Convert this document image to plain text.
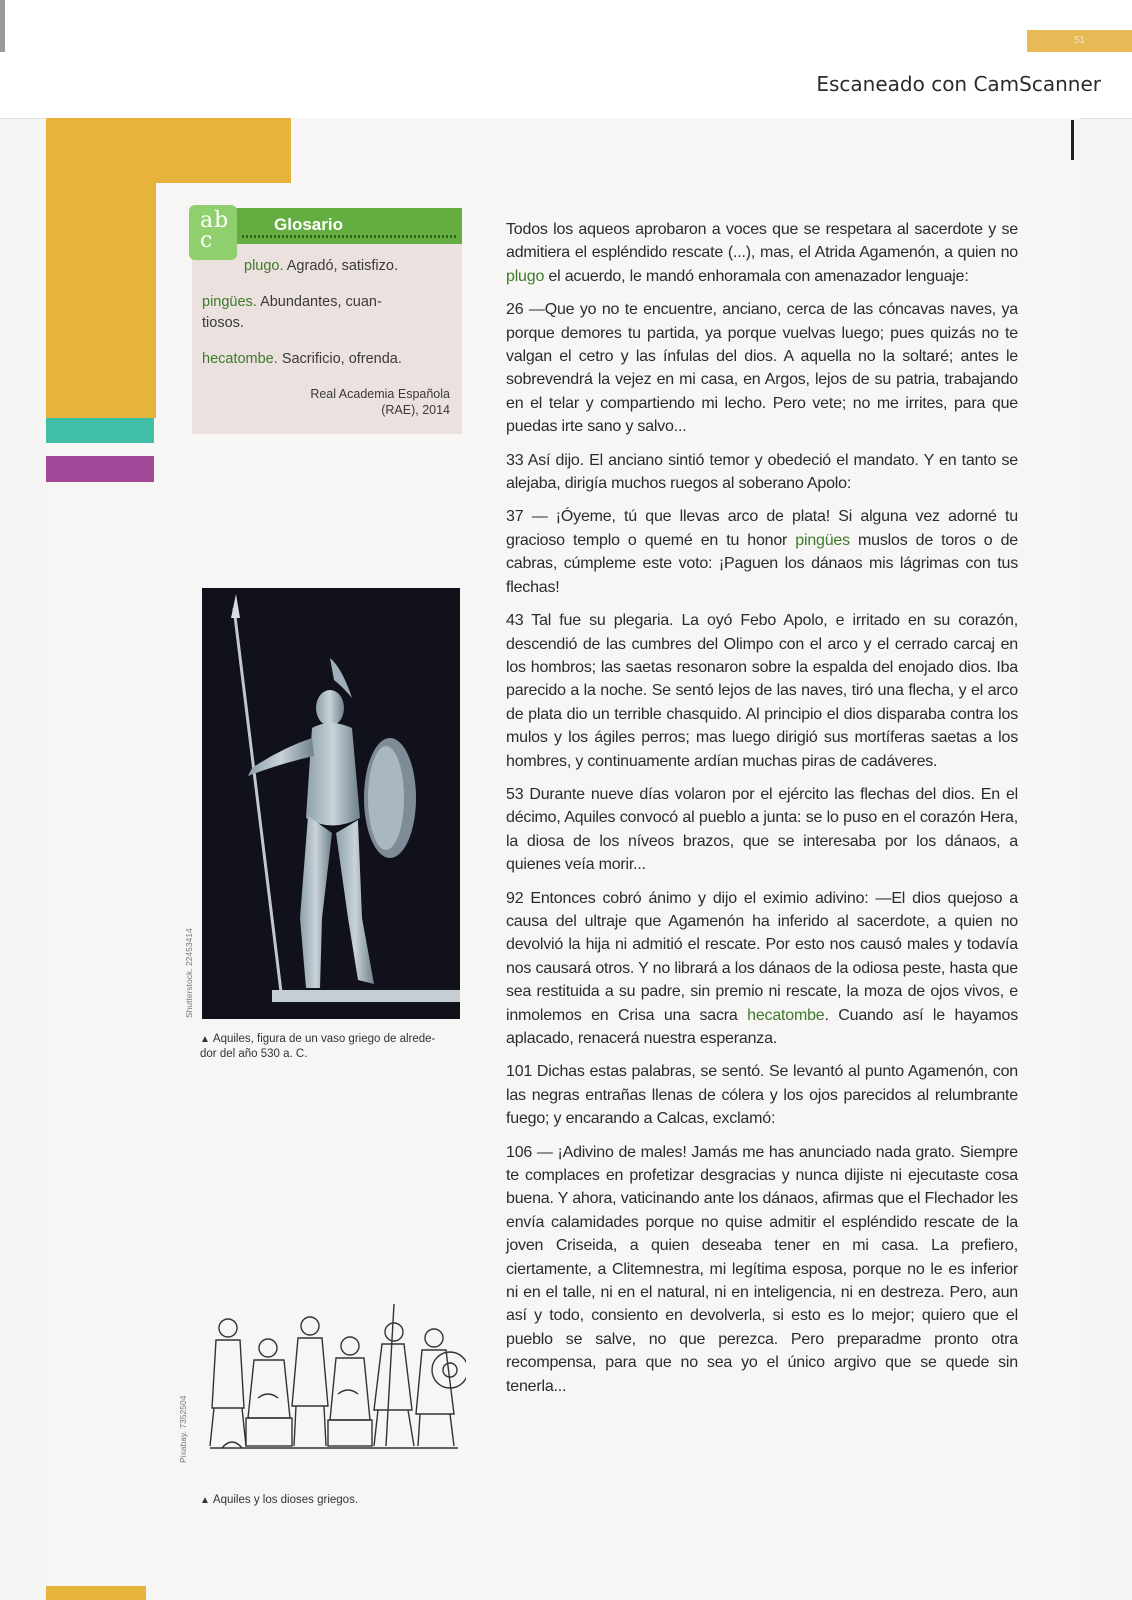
51
Escaneado con CamScanner
ab c
Glosario
plugo. Agradó, satisfizo.
pingües. Abundantes, cuan-
tiosos.
hecatombe. Sacrificio, ofrenda.
Real Academia Española
(RAE), 2014
Shutterstock. 22453414
▲ Aquiles, figura de un vaso griego de alrede-
dor del año 530 a. C.
Pixabay. 7352504
▲ Aquiles y los dioses griegos.

Todos los aqueos aprobaron a voces que se respetara al sacerdote y se admitiera el espléndido rescate (...), mas, el Atrida Agamenón, a quien no plugo el acuerdo, le mandó enhoramala con amenazador lenguaje:

26 —Que yo no te encuentre, anciano, cerca de las cóncavas naves, ya porque demores tu partida, ya porque vuelvas luego; pues quizás no te valgan el cetro y las ínfulas del dios. A aquella no la soltaré; antes le sobrevendrá la vejez en mi casa, en Argos, lejos de su patria, trabajando en el telar y compartiendo mi lecho. Pero vete; no me irrites, para que puedas irte sano y salvo...

33 Así dijo. El anciano sintió temor y obedeció el mandato. Y en tanto se alejaba, dirigía muchos ruegos al soberano Apolo:

37 — ¡Óyeme, tú que llevas arco de plata! Si alguna vez adorné tu gracioso templo o quemé en tu honor pingües muslos de toros o de cabras, cúmpleme este voto: ¡Paguen los dánaos mis lágrimas con tus flechas!

43 Tal fue su plegaria. La oyó Febo Apolo, e irritado en su corazón, descendió de las cumbres del Olimpo con el arco y el cerrado carcaj en los hombros; las saetas resonaron sobre la espalda del enojado dios. Iba parecido a la noche. Se sentó lejos de las naves, tiró una flecha, y el arco de plata dio un terrible chasquido. Al principio el dios disparaba contra los mulos y los ágiles perros; mas luego dirigió sus mortíferas saetas a los hombres, y continuamente ardían muchas piras de cadáveres.

53 Durante nueve días volaron por el ejército las flechas del dios. En el décimo, Aquiles convocó al pueblo a junta: se lo puso en el corazón Hera, la diosa de los níveos brazos, que se interesaba por los dánaos, a quienes veía morir...

92 Entonces cobró ánimo y dijo el eximio adivino: —El dios quejoso a causa del ultraje que Agamenón ha inferido al sacerdote, a quien no devolvió la hija ni admitió el rescate. Por esto nos causó males y todavía nos causará otros. Y no librará a los dánaos de la odiosa peste, hasta que sea restituida a su padre, sin premio ni rescate, la moza de ojos vivos, e inmolemos en Crisa una sacra hecatombe. Cuando así le hayamos aplacado, renacerá nuestra esperanza.

101 Dichas estas palabras, se sentó. Se levantó al punto Agamenón, con las negras entrañas llenas de cólera y los ojos parecidos al relumbrante fuego; y encarando a Calcas, exclamó:

106 — ¡Adivino de males! Jamás me has anunciado nada grato. Siempre te complaces en profetizar desgracias y nunca dijiste ni ejecutaste cosa buena. Y ahora, vaticinando ante los dánaos, afirmas que el Flechador les envía calamidades porque no quise admitir el espléndido rescate de la joven Criseida, a quien deseaba tener en mi casa. La prefiero, ciertamente, a Clitemnestra, mi legítima esposa, porque no le es inferior ni en el talle, ni en el natural, ni en inteligencia, ni en destreza. Pero, aun así y todo, consiento en devolverla, si esto es lo mejor; quiero que el pueblo se salve, no que perezca. Pero preparadme pronto otra recompensa, para que no sea yo el único argivo que se quede sin tenerla...
